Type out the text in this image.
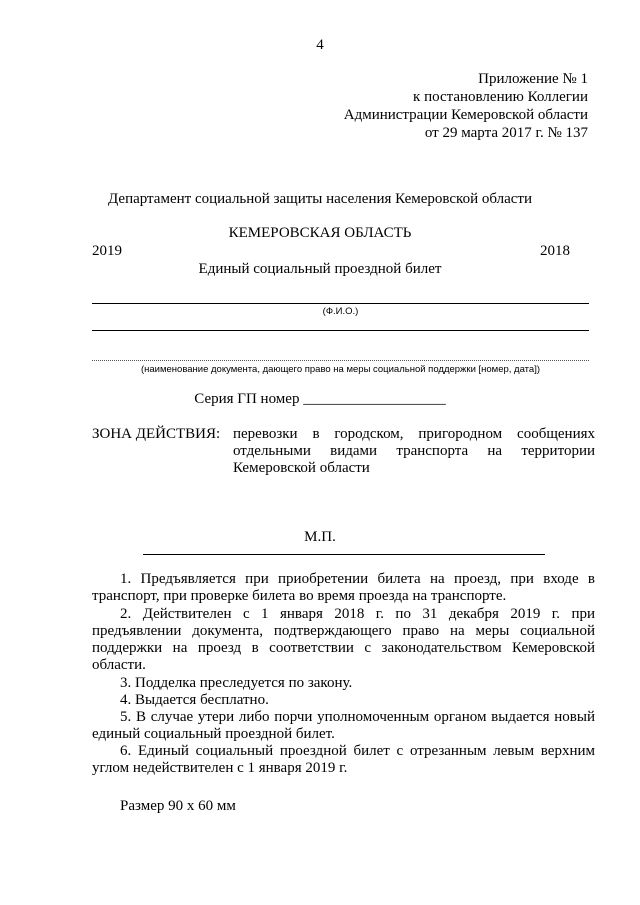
4
Приложение № 1
к постановлению Коллегии
Администрации Кемеровской области
от 29 марта 2017 г. № 137
Департамент социальной защиты населения Кемеровской области
КЕМЕРОВСКАЯ ОБЛАСТЬ
2019	2018
Единый социальный проездной билет
(Ф.И.О.)
(наименование документа, дающего право на меры социальной поддержки [номер, дата])
Серия ГП номер ___________________
ЗОНА ДЕЙСТВИЯ: перевозки в городском, пригородном сообщениях отдельными видами транспорта на территории Кемеровской области
М.П.
1. Предъявляется при приобретении билета на проезд, при входе в транспорт, при проверке билета во время проезда на транспорте.
2. Действителен с 1 января 2018 г. по 31 декабря 2019 г. при предъявлении документа, подтверждающего право на меры социальной поддержки на проезд в соответствии с законодательством Кемеровской области.
3. Подделка преследуется по закону.
4. Выдается бесплатно.
5. В случае утери либо порчи уполномоченным органом выдается новый единый социальный проездной билет.
6. Единый социальный проездной билет с отрезанным левым верхним углом недействителен с 1 января 2019 г.
Размер 90 х 60 мм
